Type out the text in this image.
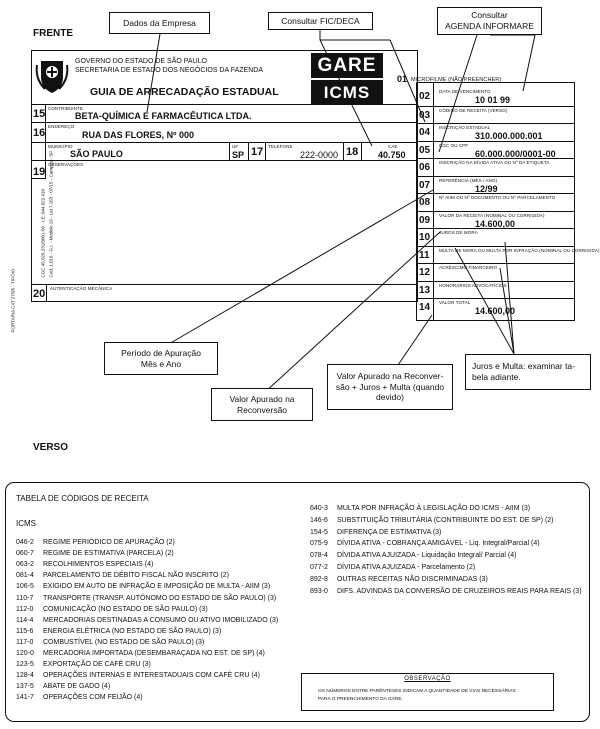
FRENTE
Dados da Empresa	Consultar FIC/DECA
Consultar
AGENDA INFORMARE
Cod. 1.016 - G.I. - Modelo 19 - Lei 7.163 - 07/15 - Campos - SP
CGC 45.029.231/0001-50 - I.E. 044.022.410
PORTARIA CAT 27/95 - TIPOIO
GOVERNO DO ESTADO DE SÃO PAULO
SECRETARIA DE ESTADO DOS NEGÓCIOS DA FAZENDA
GUIA DE ARRECADAÇÃO ESTADUAL
GARE
ICMS
01 MICROFILME (NÃO PREENCHER)
15 CONTRIBUINTE
BETA-QUÍMICA E FARMACÊUTICA LTDA.
16
ENDEREÇO
RUA DAS FLORES, Nº 000
MUNICÍPIO
SÃO PAULO
UF
SP 17 TELEFONE
222-0000 18	CAE
40.750
19
OBSERVAÇÕES
20 AUTENTICAÇÃO MECÂNICA
02 DATA DE VENCIMENTO
10 01 99
03 CÓDIGO DE RECEITA (VERSO)
04 INSCRIÇÃO ESTADUAL
310.000.000.001
05 CGC OU CPF
60.000.000/0001-00
06 INSCRIÇÃO NA DÍVIDA ATIVA OU Nº DA ETIQUETA
07 REFERÊNCIA (MÊS / ANO)
12/99
08 Nº AIIM OU Nº DOCUMENTO OU Nº PARCELAMENTO
09 VALOR DA RECEITA (NOMINAL OU CORRIGIDA)
14.600,00
10 JUROS DE MORA
11 MULTA DE MORA OU MULTA POR INFRAÇÃO (NOMINAL OU CORRIGIDA)
12 ACRÉSCIMO FINANCEIRO
13 HONORÁRIOS ADVOCATÍCIOS
14 VALOR TOTAL
14.600,00
Período de Apuração
Mês e Ano
Valor Apurado na
Reconversão
Valor Apurado na Reconver-
são + Juros + Multa (quando
devido)
Juros e Multa: examinar ta-
bela adiante.
VERSO
TABELA DE CÓDIGOS DE RECEITA
ICMS
046-2 REGIME PERIÓDICO DE APURAÇÃO (2)
060-7 REGIME DE ESTIMATIVA (PARCELA) (2)
063-2 RECOLHIMENTOS ESPECIAIS (4)
081-4 PARCELAMENTO DE DÉBITO FISCAL NÃO INSCRITO (2)
106-5 EXIGIDO EM AUTO DE INFRAÇÃO E IMPOSIÇÃO DE MULTA - AIIM (3)
110-7 TRANSPORTE (TRANSP. AUTÔNOMO DO ESTADO DE SÃO PAULO) (3)
112-0 COMUNICAÇÃO (NO ESTADO DE SÃO PAULO) (3)
114-4 MERCADORIAS DESTINADAS A CONSUMO OU ATIVO IMOBILIZADO (3)
115-6 ENERGIA ELÉTRICA (NO ESTADO DE SÃO PAULO) (3)
117-0 COMBUSTÍVEL (NO ESTADO DE SÃO PAULO) (3)
120-0 MERCADORIA IMPORTADA (DESEMBARAÇADA NO EST. DE SP) (4)
123-5 EXPORTAÇÃO DE CAFÉ CRU (3)
128-4 OPERAÇÕES INTERNAS E INTERESTADUAIS COM CAFÉ CRU (4)
137-5 ABATE DE GADO (4)
141-7 OPERAÇÕES COM FEIJÃO (4)
640-3 MULTA POR INFRAÇÃO À LEGISLAÇÃO DO ICMS - AIIM (3)
146-6 SUBSTITUIÇÃO TRIBUTÁRIA (CONTRIBUINTE DO EST. DE SP) (2)
154-5 DIFERENÇA DE ESTIMATIVA (3)
075-9 DÍVIDA ATIVA - COBRANÇA AMIGÁVEL - Liq. Integral/Parcial (4)
078-4 DÍVIDA ATIVA AJUIZADA - Liquidação Integral/ Parcial (4)
077-2 DÍVIDA ATIVA AJUIZADA - Parcelamento (2)
892-8 OUTRAS RECEITAS NÃO DISCRIMINADAS (3)
893-0 DIFS. ADVINDAS DA CONVERSÃO DE CRUZEIROS REAIS PARA REAIS (3)
OBSERVAÇÃO
OS NÚMEROS ENTRE PARÊNTESES INDICAM A QUANTIDADE DE VIAS NECESSÁRIAS
PARA O PREENCHIMENTO DA GARE.
